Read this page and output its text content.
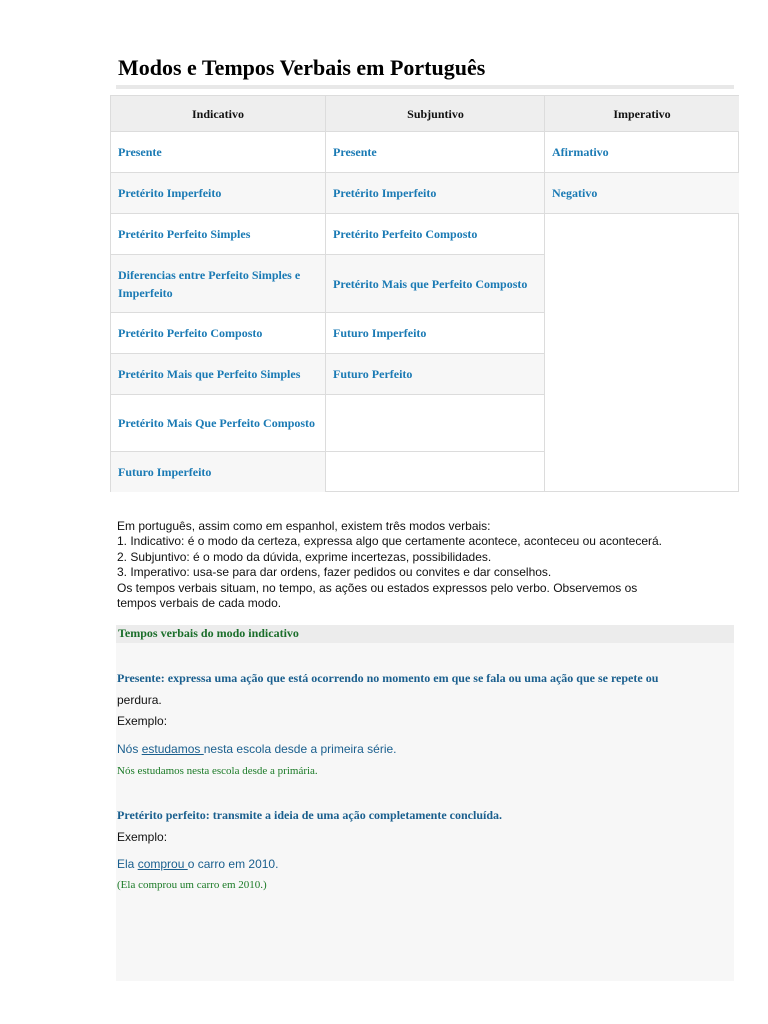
Modos e Tempos Verbais em Português
Indicativo
Presente
Pretérito Imperfeito
Pretérito Perfeito Simples
Diferencias entre Perfeito Simples e Imperfeito
Pretérito Perfeito Composto
Pretérito Mais que Perfeito Simples
Pretérito Mais Que Perfeito Composto
Futuro Imperfeito
Subjuntivo
Presente
Pretérito Imperfeito
Pretérito Perfeito Composto
Pretérito Mais que Perfeito Composto
Futuro Imperfeito
Futuro Perfeito
Imperativo
Afirmativo
Negativo
Em português, assim como em espanhol, existem três modos verbais:
1. Indicativo: é o modo da certeza, expressa algo que certamente acontece, aconteceu ou acontecerá.
2. Subjuntivo: é o modo da dúvida, exprime incertezas, possibilidades.
3. Imperativo: usa-se para dar ordens, fazer pedidos ou convites e dar conselhos.
Os tempos verbais situam, no tempo, as ações ou estados expressos pelo verbo. Observemos os
tempos verbais de cada modo.
Tempos verbais do modo indicativo
Presente: expressa uma ação que está ocorrendo no momento em que se fala ou uma ação que se repete ou
perdura.
Exemplo:
Nós estudamos nesta escola desde a primeira série.
Nós estudamos nesta escola desde a primária.
Pretérito perfeito: transmite a ideia de uma ação completamente concluída.
Exemplo:
Ela comprou o carro em 2010.
(Ela comprou um carro em 2010.)
